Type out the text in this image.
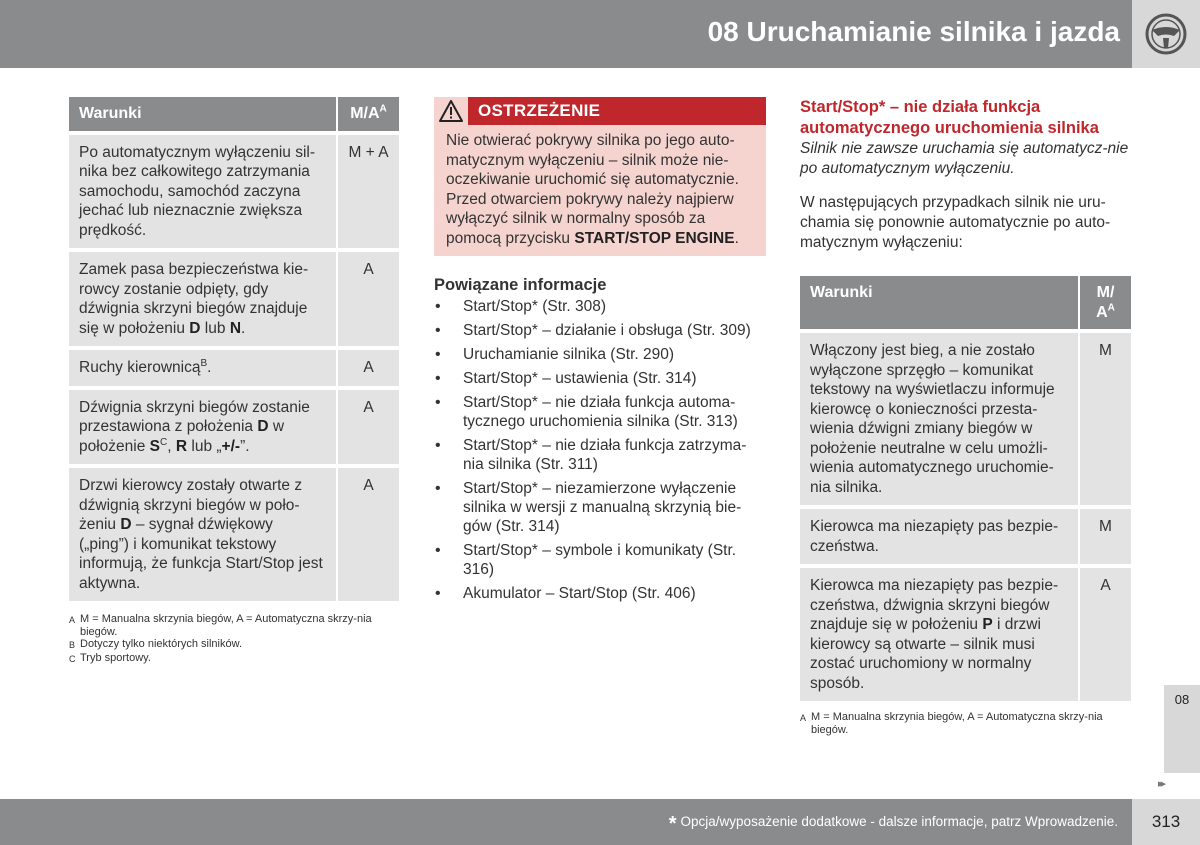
08 Uruchamianie silnika i jazda
Warunki	$M/A^A$
Po automatycznym wyłączeniu sil-nika bez całkowitego zatrzymania samochodu, samochód zaczyna jechać lub nieznacznie zwiększa prędkość.	M + A
Zamek pasa bezpieczeństwa kie-rowcy zostanie odpięty, gdy dźwignia skrzyni biegów znajduje się w położeniu D lub N.	A
Ruchy kierownicą$^B$.	A
Dźwignia skrzyni biegów zostanie przestawiona z położenia D w położenie $S^C$, R lub „+/-”.	A
Drzwi kierowcy zostały otwarte z dźwignią skrzyni biegów w poło-żeniu D – sygnał dźwiękowy („ping”) i komunikat tekstowy informują, że funkcja Start/Stop jest aktywna.	A
A M = Manualna skrzynia biegów, A = Automatyczna skrzy-nia biegów.
B Dotyczy tylko niektórych silników.
C Tryb sportowy.
OSTRZEŻENIE
Nie otwierać pokrywy silnika po jego auto-matycznym wyłączeniu – silnik może nie-oczekiwanie uruchomić się automatycznie. Przed otwarciem pokrywy należy najpierw wyłączyć silnik w normalny sposób za pomocą przycisku START/STOP ENGINE.
Powiązane informacje
• Start/Stop* (Str. 308)
• Start/Stop* – działanie i obsługa (Str. 309)
• Uruchamianie silnika (Str. 290)
• Start/Stop* – ustawienia (Str. 314)
• Start/Stop* – nie działa funkcja automa-tycznego uruchomienia silnika (Str. 313)
• Start/Stop* – nie działa funkcja zatrzyma-nia silnika (Str. 311)
• Start/Stop* – niezamierzone wyłączenie silnika w wersji z manualną skrzynią bie-gów (Str. 314)
• Start/Stop* – symbole i komunikaty (Str. 316)
• Akumulator – Start/Stop (Str. 406)
Start/Stop* – nie działa funkcja automatycznego uruchomienia silnika
Silnik nie zawsze uruchamia się automatycz-nie po automatycznym wyłączeniu.
W następujących przypadkach silnik nie uru-chamia się ponownie automatycznie po auto-matycznym wyłączeniu:
Warunki	M/ $A^A$
Włączony jest bieg, a nie zostało wyłączone sprzęgło – komunikat tekstowy na wyświetlaczu informuje kierowcę o konieczności przesta-wienia dźwigni zmiany biegów w położenie neutralne w celu umożli-wienia automatycznego uruchomie-nia silnika.	M
Kierowca ma niezapięty pas bezpie-czeństwa.	M
Kierowca ma niezapięty pas bezpie-czeństwa, dźwignia skrzyni biegów znajduje się w położeniu P i drzwi kierowcy są otwarte – silnik musi zostać uruchomiony w normalny sposób.	A
A M = Manualna skrzynia biegów, A = Automatyczna skrzy-nia biegów.
08
▸▸
* Opcja/wyposażenie dodatkowe - dalsze informacje, patrz Wprowadzenie.	313
